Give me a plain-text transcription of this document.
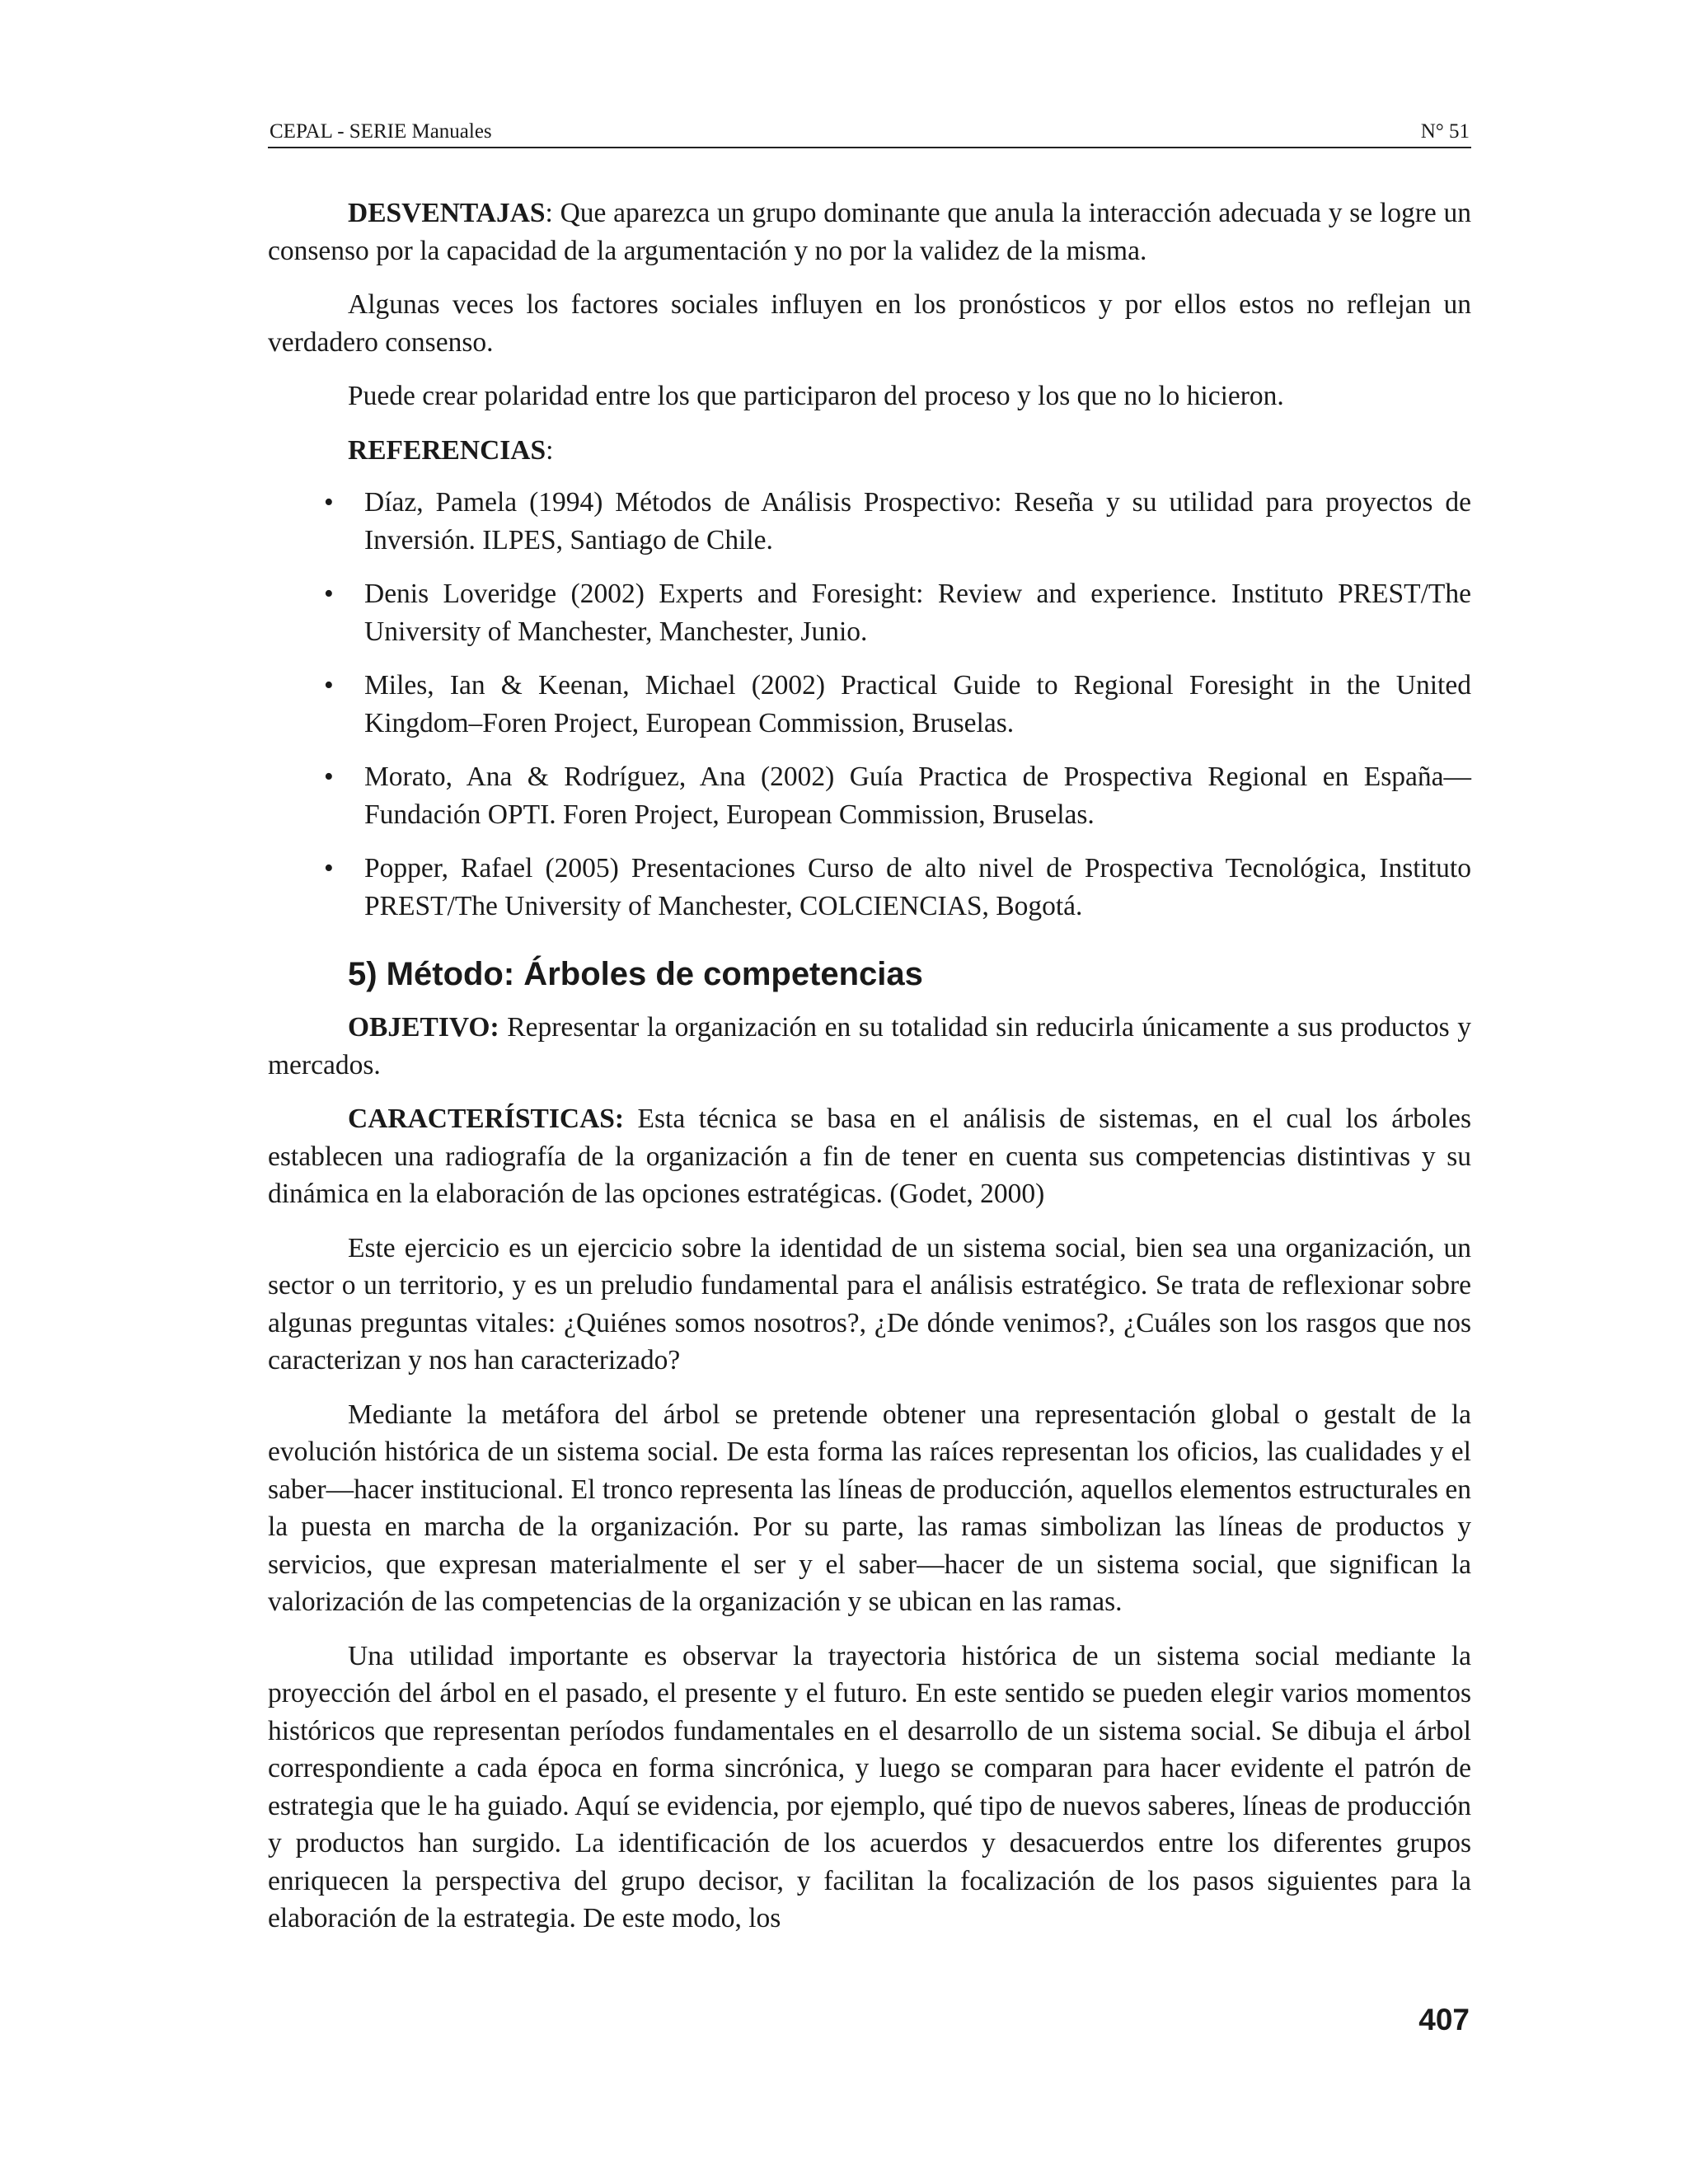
CEPAL - SERIE Manuales	N° 51

DESVENTAJAS: Que aparezca un grupo dominante que anula la interacción adecuada y se logre un consenso por la capacidad de la argumentación y no por la validez de la misma.

Algunas veces los factores sociales influyen en los pronósticos y por ellos estos no reflejan un verdadero consenso.

Puede crear polaridad entre los que participaron del proceso y los que no lo hicieron.

REFERENCIAS:
• Díaz, Pamela (1994) Métodos de Análisis Prospectivo: Reseña y su utilidad para proyectos de Inversión. ILPES, Santiago de Chile.
• Denis Loveridge (2002) Experts and Foresight: Review and experience. Instituto PREST/The University of Manchester, Manchester, Junio.
• Miles, Ian & Keenan, Michael (2002) Practical Guide to Regional Foresight in the United Kingdom–Foren Project, European Commission, Bruselas.
• Morato, Ana & Rodríguez, Ana (2002) Guía Practica de Prospectiva Regional en España—Fundación OPTI. Foren Project, European Commission, Bruselas.
• Popper, Rafael (2005) Presentaciones Curso de alto nivel de Prospectiva Tecnológica, Instituto PREST/The University of Manchester, COLCIENCIAS, Bogotá.
5) Método: Árboles de competencias

OBJETIVO: Representar la organización en su totalidad sin reducirla únicamente a sus productos y mercados.

CARACTERÍSTICAS: Esta técnica se basa en el análisis de sistemas, en el cual los árboles establecen una radiografía de la organización a fin de tener en cuenta sus competencias distintivas y su dinámica en la elaboración de las opciones estratégicas. (Godet, 2000)

Este ejercicio es un ejercicio sobre la identidad de un sistema social, bien sea una organización, un sector o un territorio, y es un preludio fundamental para el análisis estratégico. Se trata de reflexionar sobre algunas preguntas vitales: ¿Quiénes somos nosotros?, ¿De dónde venimos?, ¿Cuáles son los rasgos que nos caracterizan y nos han caracterizado?

Mediante la metáfora del árbol se pretende obtener una representación global o gestalt de la evolución histórica de un sistema social. De esta forma las raíces representan los oficios, las cualidades y el saber—hacer institucional. El tronco representa las líneas de producción, aquellos elementos estructurales en la puesta en marcha de la organización. Por su parte, las ramas simbolizan las líneas de productos y servicios, que expresan materialmente el ser y el saber—hacer de un sistema social, que significan la valorización de las competencias de la organización y se ubican en las ramas.

Una utilidad importante es observar la trayectoria histórica de un sistema social mediante la proyección del árbol en el pasado, el presente y el futuro. En este sentido se pueden elegir varios momentos históricos que representan períodos fundamentales en el desarrollo de un sistema social. Se dibuja el árbol correspondiente a cada época en forma sincrónica, y luego se comparan para hacer evidente el patrón de estrategia que le ha guiado. Aquí se evidencia, por ejemplo, qué tipo de nuevos saberes, líneas de producción y productos han surgido. La identificación de los acuerdos y desacuerdos entre los diferentes grupos enriquecen la perspectiva del grupo decisor, y facilitan la focalización de los pasos siguientes para la elaboración de la estrategia. De este modo, los

407
